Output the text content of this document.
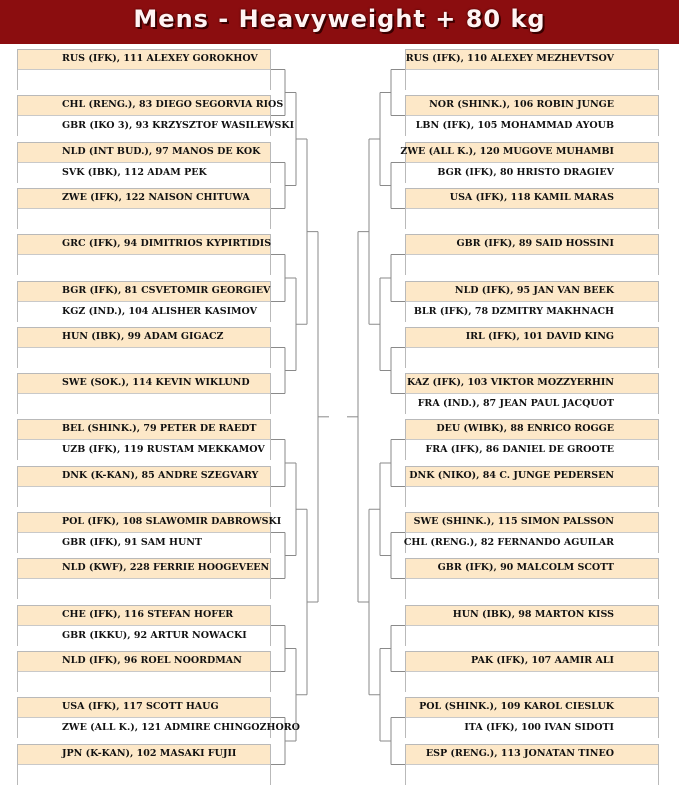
Mens - Heavyweight + 80 kg
RUS (IFK), 111 ALEXEY GOROKHOV
CHL (RENG.), 83 DIEGO SEGORVIA RIOS
GBR (IKO 3), 93 KRZYSZTOF WASILEWSKI
NLD (INT BUD.), 97 MANOS DE KOK
SVK (IBK), 112 ADAM PEK
ZWE (IFK), 122 NAISON CHITUWA
GRC (IFK), 94 DIMITRIOS KYPIRTIDIS
BGR (IFK), 81 CSVETOMIR GEORGIEV
KGZ (IND.), 104 ALISHER KASIMOV
HUN (IBK), 99 ADAM GIGACZ
SWE (SOK.), 114 KEVIN WIKLUND
BEL (SHINK.), 79 PETER DE RAEDT
UZB (IFK), 119 RUSTAM MEKKAMOV
DNK (K-KAN), 85 ANDRE SZEGVARY
POL (IFK), 108 SLAWOMIR DABROWSKI
GBR (IFK), 91 SAM HUNT
NLD (KWF), 228 FERRIE HOOGEVEEN
CHE (IFK), 116 STEFAN HOFER
GBR (IKKU), 92 ARTUR NOWACKI
NLD (IFK), 96 ROEL NOORDMAN
USA (IFK), 117 SCOTT HAUG
ZWE (ALL K.), 121 ADMIRE CHINGOZHORO
JPN (K-KAN), 102 MASAKI FUJII
RUS (IFK), 110 ALEXEY MEZHEVTSOV
NOR (SHINK.), 106 ROBIN JUNGE
LBN (IFK), 105 MOHAMMAD AYOUB
ZWE (ALL K.), 120 MUGOVE MUHAMBI
BGR (IFK), 80 HRISTO DRAGIEV
USA (IFK), 118 KAMIL MARAS
GBR (IFK), 89 SAID HOSSINI
NLD (IFK), 95 JAN VAN BEEK
BLR (IFK), 78 DZMITRY MAKHNACH
IRL (IFK), 101 DAVID KING
KAZ (IFK), 103 VIKTOR MOZZYERHIN
FRA (IND.), 87 JEAN PAUL JACQUOT
DEU (WIBK), 88 ENRICO ROGGE
FRA (IFK), 86 DANIEL DE GROOTE
DNK (NIKO), 84 C. JUNGE PEDERSEN
SWE (SHINK.), 115 SIMON PALSSON
CHL (RENG.), 82 FERNANDO AGUILAR
GBR (IFK), 90 MALCOLM SCOTT
HUN (IBK), 98 MARTON KISS
PAK (IFK), 107 AAMIR ALI
POL (SHINK.), 109 KAROL CIESLUK
ITA (IFK), 100 IVAN SIDOTI
ESP (RENG.), 113 JONATAN TINEO
